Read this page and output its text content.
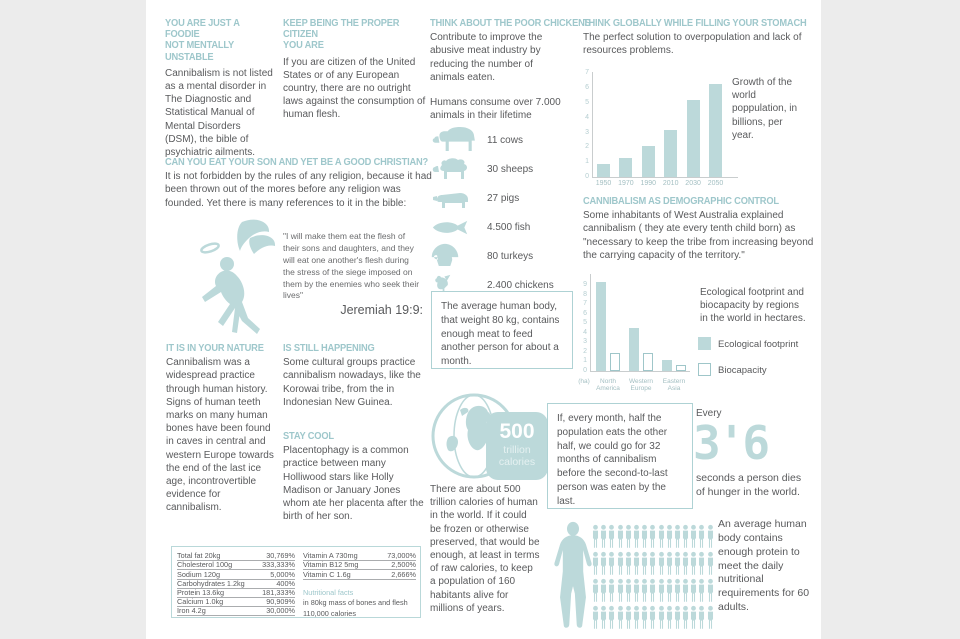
YOU ARE JUST A FOODIE
NOT MENTALLY UNSTABLE

Cannibalism is not listed as a mental disorder in The Diagnostic and Statistical Manual of Mental Disorders (DSM), the bible of psychiatric ailments.

KEEP BEING THE PROPER CITIZEN
YOU ARE

If you are citizen of the United States or of any European country, there are no outright laws against the consumption of human flesh.

THINK ABOUT THE POOR CHICKENS

Contribute to improve the abusive meat industry by reducing the number of animals eaten.

Humans consume over 7.000 animals in their lifetime

11 cows
30 sheeps
27 pigs
4.500 fish
80 turkeys
2.400 chickens
THINK GLOBALLY WHILE FILLING YOUR STOMACH

The perfect solution to overpopulation and lack of resources problems.

0
1
2
3
4
5
6
7
1950 1970 1990 2010 2030 2050
Growth of the world poppulation, in billions, per year.
CAN YOU EAT YOUR SON AND YET BE A GOOD CHRISTIAN?

It is not forbidden by the rules of any religion, because it had been thrown out of the mores before any religion was founded. Yet there is many references to it in the bible:

"I will make them eat the flesh of their sons and daughters, and they will eat one another's flesh during the stress of the siege imposed on them by the enemies who seek their lives"

Jeremiah 19:9:

CANNIBALISM AS DEMOGRAPHIC CONTROL

Some inhabitants of West Australia explained cannibalism ( they ate every tenth child born) as "necessary to keep the tribe from increasing beyond the carrying capacity of the territory."

0
1
2
3
4
5
6
7
8
9
North America
Western Europe
Eastern Asia
(ha)
Ecological footprint and biocapacity by regions in the world in hectares.
Ecological footprint
Biocapacity
IT IS IN YOUR NATURE

Cannibalism was a widespread practice through human history. Signs of human teeth marks on many human bones have been found in caves in central and western Europe towards the end of the last ice age, incontrovertible evidence for cannibalism.

IS STILL HAPPENING

Some cultural groups practice cannibalism nowadays, like the Korowai tribe, from the in Indonesian New Guinea.

STAY COOL

Placentophagy is a common practice between many Holliwood stars like Holly Madison or January Jones whom ate her placenta after the birth of her son.

The average human body, that weight 80 kg, contains enough meat to feed another person for about a month.
500
trillion
calories

There are about 500 trillion calories of human in the world. If it could be frozen or otherwise preserved, that would be enough, at least in terms of raw calories, to keep a population of 160 habitants alive for millions of years.

If, every month, half the population eats the other half, we could go for 32 months of cannibalism before the second-to-last person was eaten by the last.
Every
3'6

seconds a person dies of hunger in the world.

An average human body contains enough protein to meet the daily nutritional requirements for 60 adults.

Total fat 20kg	30,769%
Cholesterol 100g	333,333%
Sodium 120g	5,000%
Carbohydrates 1.2kg	400%
Protein 13.6kg	181,333%
Calcium 1.0kg	90,909%
Iron 4.2g	30,000%
Vitamin A 730mg	73,000%
Vitamin B12 5mg	2,500%
Vitamin C 1.6g	2,666%
Nutritional facts
in 80kg mass of bones and flesh
110,000 calories
